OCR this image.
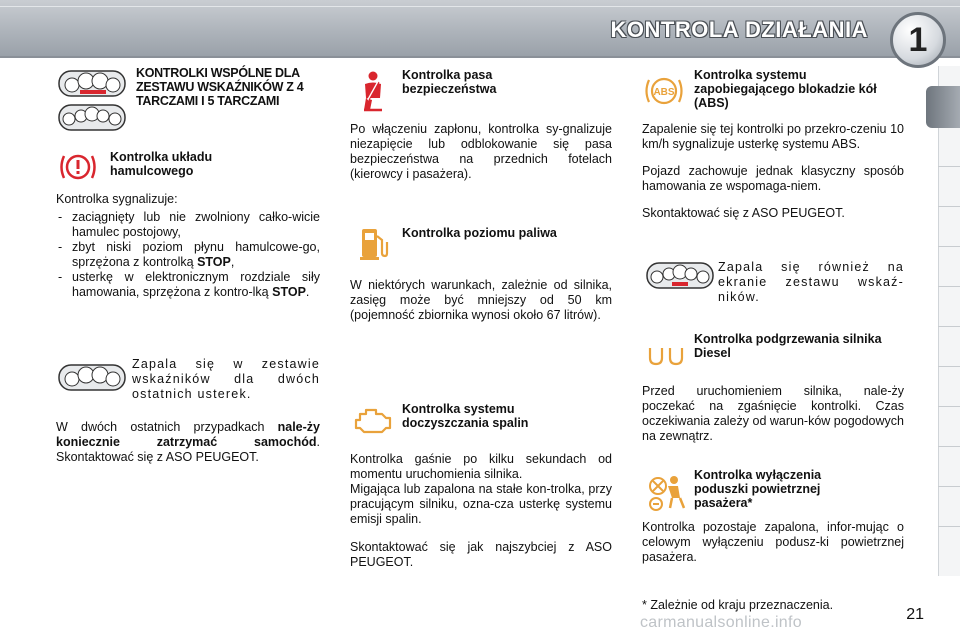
KONTROLA DZIAŁANIA	1
KONTROLKI WSPÓLNE DLA ZESTAWU WSKAŹNIKÓW Z 4 TARCZAMI I 5 TARCZAMI
Kontrolka układu hamulcowego
Kontrolka sygnalizuje:
- zaciągnięty lub nie zwolniony całko-wicie hamulec postojowy,
- zbyt niski poziom płynu hamulcowe-go, sprzężona z kontrolką STOP,
- usterkę w elektronicznym rozdziale siły hamowania, sprzężona z kontro-lką STOP.
Zapala się w zestawie wskaźników dla dwóch ostatnich usterek.
W dwóch ostatnich przypadkach nale-ży koniecznie zatrzymać samochód. Skontaktować się z ASO PEUGEOT.
Kontrolka pasa bezpieczeństwa
Po włączeniu zapłonu, kontrolka sy-gnalizuje niezapięcie lub odblokowanie się pasa bezpieczeństwa na przednich fotelach (kierowcy i pasażera).
Kontrolka poziomu paliwa
W niektórych warunkach, zależnie od silnika, zasięg może być mniejszy od 50 km (pojemność zbiornika wynosi około 67 litrów).
Kontrolka systemu doczyszczania spalin
Kontrolka gaśnie po kilku sekundach od momentu uruchomienia silnika.
Migająca lub zapalona na stałe kon-trolka, przy pracującym silniku, ozna-cza usterkę systemu emisji spalin.
Skontaktować się jak najszybciej z ASO PEUGEOT.
ABS
Kontrolka systemu zapobiegającego blokadzie kół (ABS)
Zapalenie się tej kontrolki po przekro-czeniu 10 km/h sygnalizuje usterkę systemu ABS.
Pojazd zachowuje jednak klasyczny sposób hamowania ze wspomaga-niem.
Skontaktować się z ASO PEUGEOT.
Zapala się również na ekranie zestawu wskaź-ników.
Kontrolka podgrzewania silnika Diesel
Przed uruchomieniem silnika, nale-ży poczekać na zgaśnięcie kontrolki. Czas oczekiwania zależy od warun-ków pogodowych na zewnątrz.
Kontrolka wyłączenia poduszki powietrznej pasażera*
Kontrolka pozostaje zapalona, infor-mując o celowym wyłączeniu podusz-ki powietrznej pasażera.
* Zależnie od kraju przeznaczenia.
21
carmanualsonline.info
